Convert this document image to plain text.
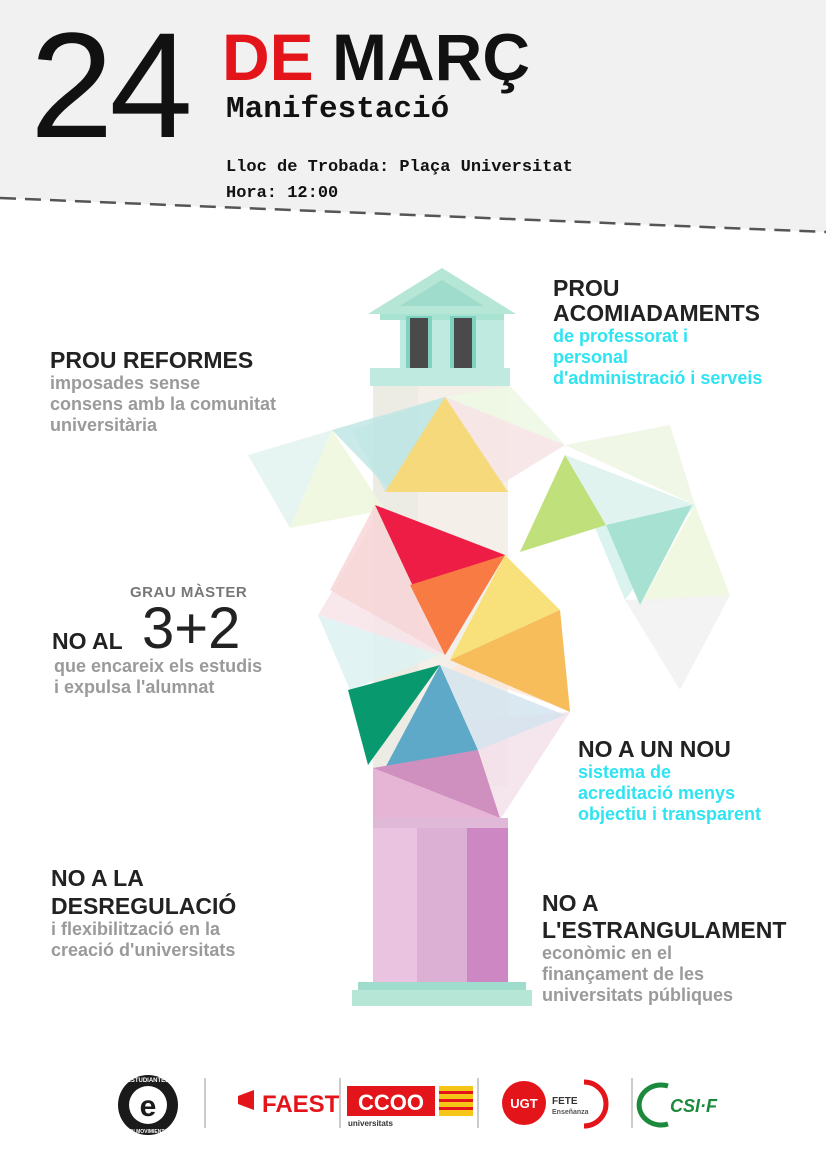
24 DE MARÇ
Manifestació
Lloc de Trobada: Plaça Universitat
Hora: 12:00
PROU REFORMES
imposades sense
consens amb la comunitat
universitària
PROU
ACOMIADAMENTS
de professorat i
personal
d'administració i serveis
GRAU MÀSTER
NO AL 3+2
que encareix els estudis
i expulsa l'alumnat
NO A UN NOU
sistema de
acreditació menys
objectiu i transparent
NO A LA
DESREGULACIÓ
i flexibilització en la
creació d'universitats
NO A
L'ESTRANGULAMENT
econòmic en el
finançament de les
universitats públiques
e
ESTUDIANTES
EN MOVIMIENTO
FAEST CCOO
universitats
UGT FETE
Enseñanza	CSI·F
